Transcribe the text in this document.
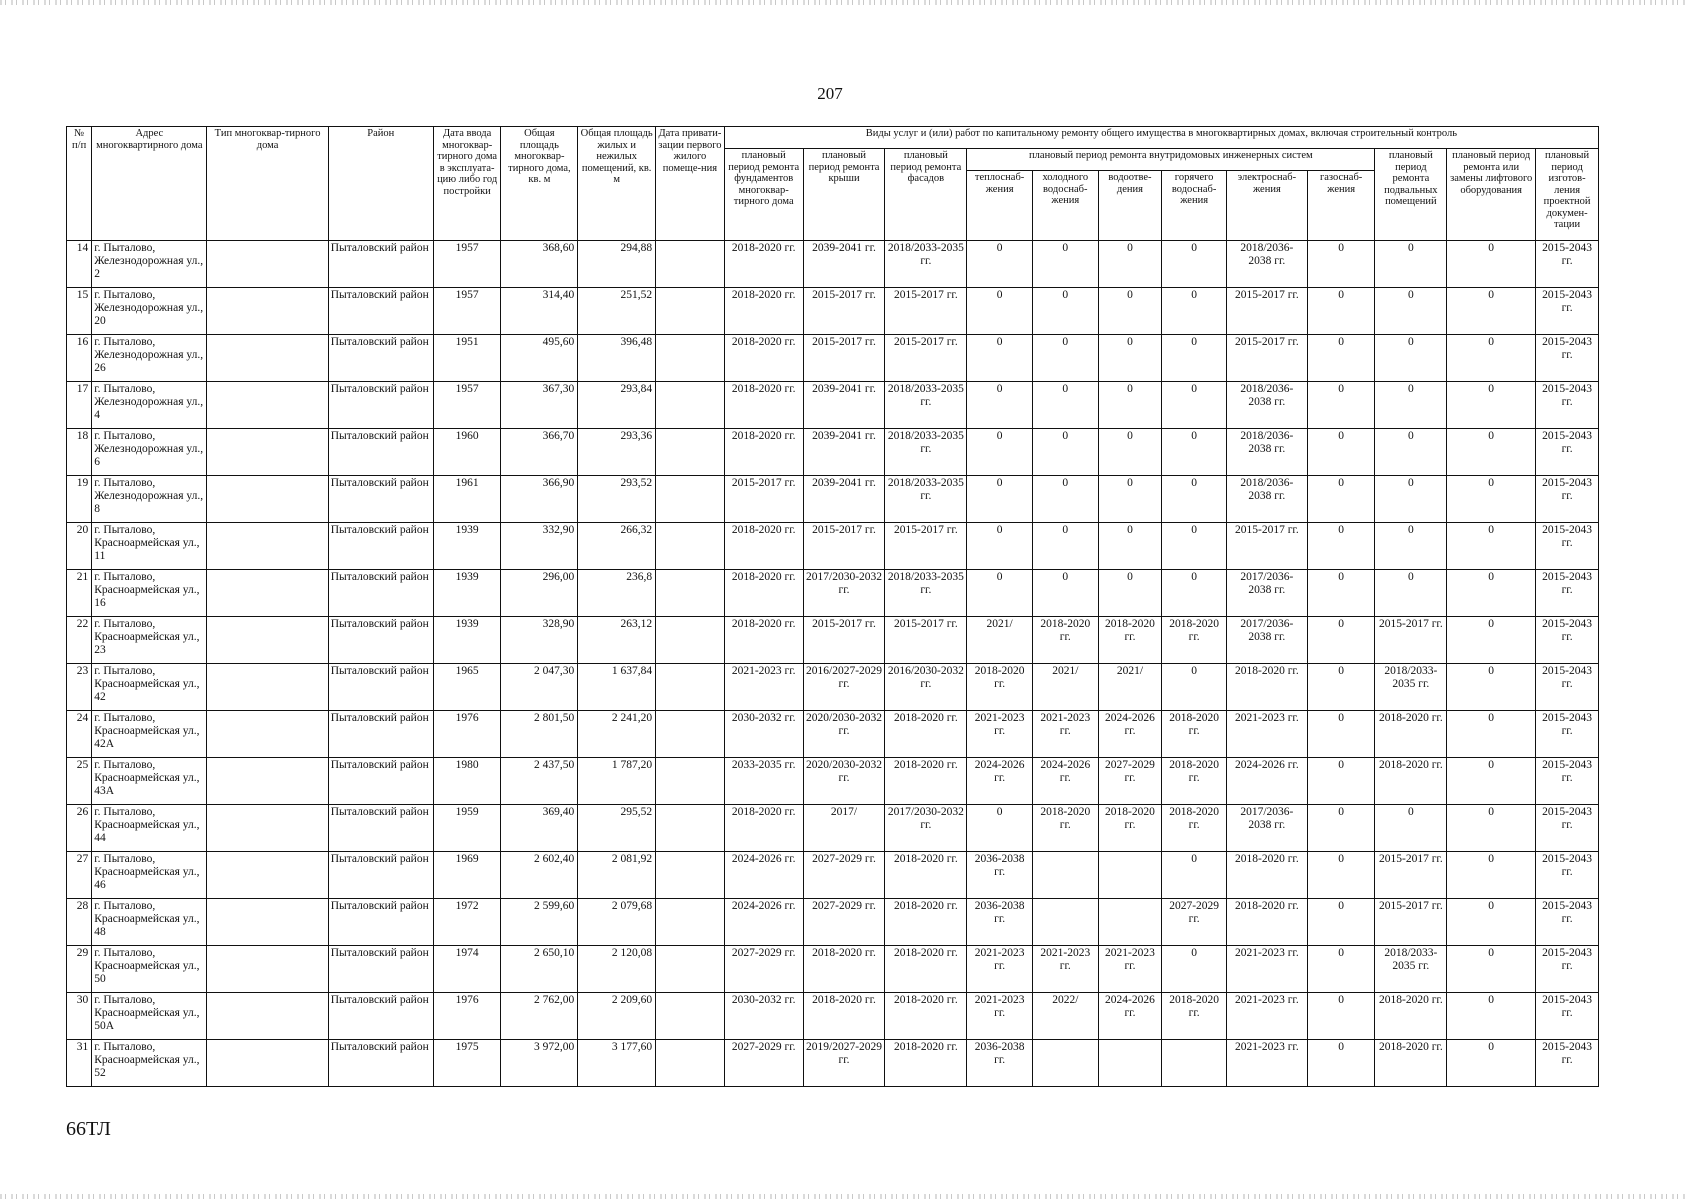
207
№ п/п	Адрес многоквартирного дома	Тип многоквар-тирного дома	Район	Дата ввода многоквар-тирного дома в эксплуата-цию либо год постройки	Общая площадь многоквар-тирного дома, кв. м	Общая площадь жилых и нежилых помещений, кв. м	Дата привати-зации первого жилого помеще-ния	Виды услуг и (или) работ по капитальному ремонту общего имущества в многоквартирных домах, включая строительный контроль											
								плановый период ремонта фундаментов многоквар-тирного дома	плановый период ремонта крыши	плановый период ремонта фасадов	плановый период ремонта внутридомовых инженерных систем						плановый период ремонта подвальных помещений	плановый период ремонта или замены лифтового оборудования	плановый период изготов-ления проектной докумен-тации
											теплоснаб-жения	холодного водоснаб-жения	водоотве-дения	горячего водоснаб-жения	электроснаб-жения	газоснаб-жения			
14	г. Пыталово, Железнодорожная ул., 2		Пыталовский район	1957	368,60	294,88		2018-2020 гг.	2039-2041 гг.	2018/2033-2035 гг.	0	0	0	0	2018/2036-2038 гг.	0	0	0	2015-2043 гг.
15	г. Пыталово, Железнодорожная ул., 20		Пыталовский район	1957	314,40	251,52		2018-2020 гг.	2015-2017 гг.	2015-2017 гг.	0	0	0	0	2015-2017 гг.	0	0	0	2015-2043 гг.
16	г. Пыталово, Железнодорожная ул., 26		Пыталовский район	1951	495,60	396,48		2018-2020 гг.	2015-2017 гг.	2015-2017 гг.	0	0	0	0	2015-2017 гг.	0	0	0	2015-2043 гг.
17	г. Пыталово, Железнодорожная ул., 4		Пыталовский район	1957	367,30	293,84		2018-2020 гг.	2039-2041 гг.	2018/2033-2035 гг.	0	0	0	0	2018/2036-2038 гг.	0	0	0	2015-2043 гг.
18	г. Пыталово, Железнодорожная ул., 6		Пыталовский район	1960	366,70	293,36		2018-2020 гг.	2039-2041 гг.	2018/2033-2035 гг.	0	0	0	0	2018/2036-2038 гг.	0	0	0	2015-2043 гг.
19	г. Пыталово, Железнодорожная ул., 8		Пыталовский район	1961	366,90	293,52		2015-2017 гг.	2039-2041 гг.	2018/2033-2035 гг.	0	0	0	0	2018/2036-2038 гг.	0	0	0	2015-2043 гг.
20	г. Пыталово, Красноармейская ул., 11		Пыталовский район	1939	332,90	266,32		2018-2020 гг.	2015-2017 гг.	2015-2017 гг.	0	0	0	0	2015-2017 гг.	0	0	0	2015-2043 гг.
21	г. Пыталово, Красноармейская ул., 16		Пыталовский район	1939	296,00	236,8		2018-2020 гг.	2017/2030-2032 гг.	2018/2033-2035 гг.	0	0	0	0	2017/2036-2038 гг.	0	0	0	2015-2043 гг.
22	г. Пыталово, Красноармейская ул., 23		Пыталовский район	1939	328,90	263,12		2018-2020 гг.	2015-2017 гг.	2015-2017 гг.	2021/	2018-2020 гг.	2018-2020 гг.	2018-2020 гг.	2017/2036-2038 гг.	0	2015-2017 гг.	0	2015-2043 гг.
23	г. Пыталово, Красноармейская ул., 42		Пыталовский район	1965	2 047,30	1 637,84		2021-2023 гг.	2016/2027-2029 гг.	2016/2030-2032 гг.	2018-2020 гг.	2021/	2021/	0	2018-2020 гг.	0	2018/2033-2035 гг.	0	2015-2043 гг.
24	г. Пыталово, Красноармейская ул., 42А		Пыталовский район	1976	2 801,50	2 241,20		2030-2032 гг.	2020/2030-2032 гг.	2018-2020 гг.	2021-2023 гг.	2021-2023 гг.	2024-2026 гг.	2018-2020 гг.	2021-2023 гг.	0	2018-2020 гг.	0	2015-2043 гг.
25	г. Пыталово, Красноармейская ул., 43А		Пыталовский район	1980	2 437,50	1 787,20		2033-2035 гг.	2020/2030-2032 гг.	2018-2020 гг.	2024-2026 гг.	2024-2026 гг.	2027-2029 гг.	2018-2020 гг.	2024-2026 гг.	0	2018-2020 гг.	0	2015-2043 гг.
26	г. Пыталово, Красноармейская ул., 44		Пыталовский район	1959	369,40	295,52		2018-2020 гг.	2017/	2017/2030-2032 гг.	0	2018-2020 гг.	2018-2020 гг.	2018-2020 гг.	2017/2036-2038 гг.	0	0	0	2015-2043 гг.
27	г. Пыталово, Красноармейская ул., 46		Пыталовский район	1969	2 602,40	2 081,92		2024-2026 гг.	2027-2029 гг.	2018-2020 гг.	2036-2038 гг.			0	2018-2020 гг.	0	2015-2017 гг.	0	2015-2043 гг.
28	г. Пыталово, Красноармейская ул., 48		Пыталовский район	1972	2 599,60	2 079,68		2024-2026 гг.	2027-2029 гг.	2018-2020 гг.	2036-2038 гг.			2027-2029 гг.	2018-2020 гг.	0	2015-2017 гг.	0	2015-2043 гг.
29	г. Пыталово, Красноармейская ул., 50		Пыталовский район	1974	2 650,10	2 120,08		2027-2029 гг.	2018-2020 гг.	2018-2020 гг.	2021-2023 гг.	2021-2023 гг.	2021-2023 гг.	0	2021-2023 гг.	0	2018/2033-2035 гг.	0	2015-2043 гг.
30	г. Пыталово, Красноармейская ул., 50А		Пыталовский район	1976	2 762,00	2 209,60		2030-2032 гг.	2018-2020 гг.	2018-2020 гг.	2021-2023 гг.	2022/	2024-2026 гг.	2018-2020 гг.	2021-2023 гг.	0	2018-2020 гг.	0	2015-2043 гг.
31	г. Пыталово, Красноармейская ул., 52		Пыталовский район	1975	3 972,00	3 177,60		2027-2029 гг.	2019/2027-2029 гг.	2018-2020 гг.	2036-2038 гг.				2021-2023 гг.	0	2018-2020 гг.	0	2015-2043 гг.
66ТЛ
